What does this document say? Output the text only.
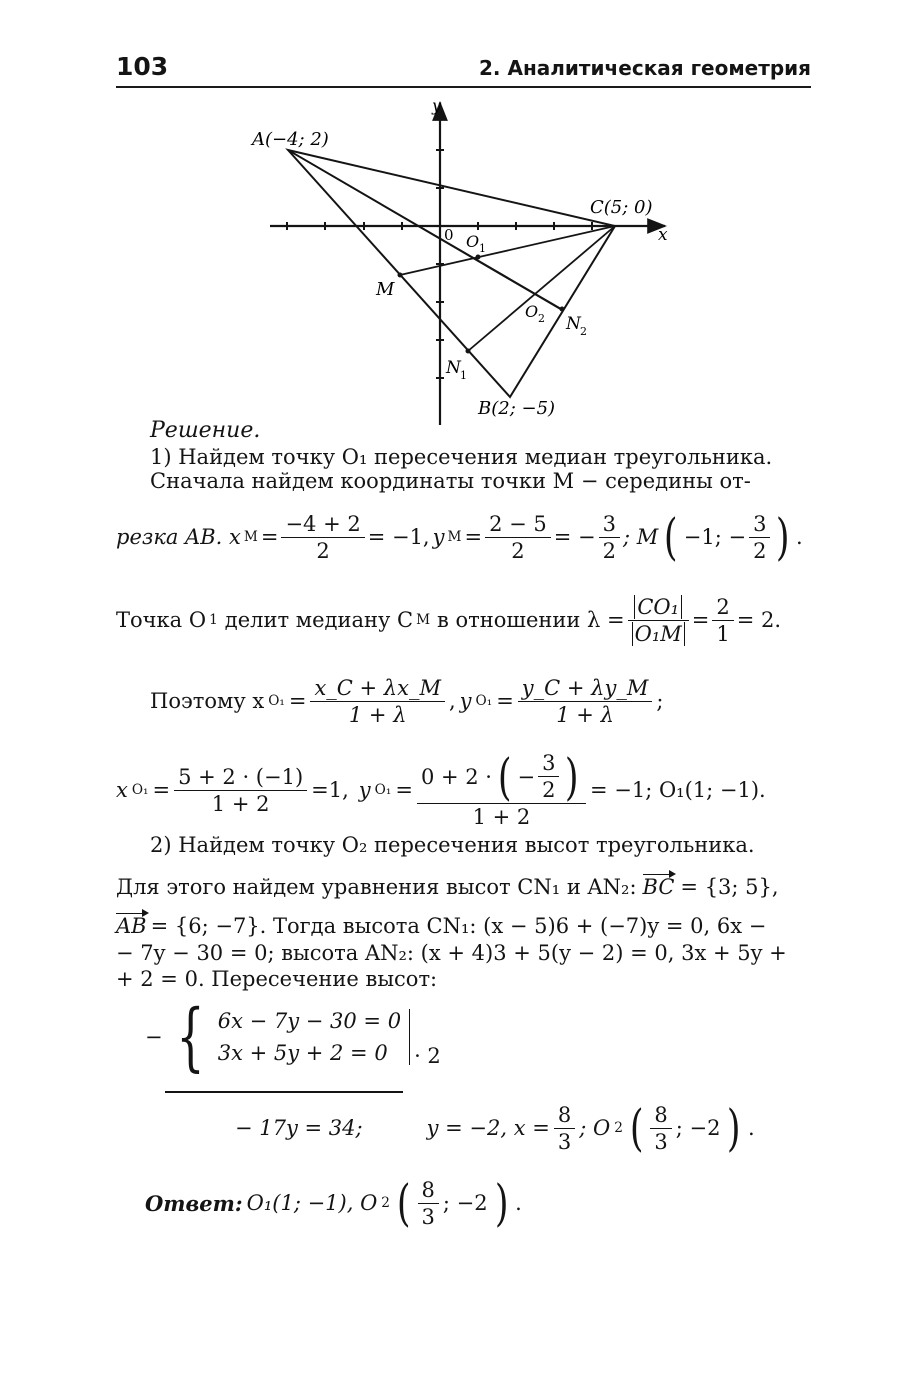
103	2. Аналитическая геометрия
y
x
0
A(−4; 2)
C(5; 0)
B(2; −5)
M
O 1
O 2 N 2
N 1
Решение.
1) Найдем точку O₁ пересечения медиан треугольника.
Сначала найдем координаты точки M − середины от-
резка AB. x $M = \frac{-4 + 2}{2} = -1$, y $M = \frac{2 - 5}{2}$ = − $\frac{3}{2}$ ; M ( −1; − $\frac{3}{2}$ ) .
Точка O 1 делит медиану C M в отношении $\lambda = \frac{\text{CO₁}}{\text{O₁M}} = \frac{2}{1} = 2$.
Поэтому x $O_1 = \frac{x\_C + \lambda x\_M}{1 + \lambda}$ , y $O_1 = \frac{y\_C + \lambda y\_M}{1 + \lambda}$ ;
x $O_1 = \frac{5 + 2 \cdot (-1)}{1 + 2} =1$, y $O_1 = \frac{0 + 2 \cdot ( - \frac{3}{2} )}{1 + 2} = -1$; O₁(1; −1).
2) Найдем точку O₂ пересечения высот треугольника.
Для этого найдем уравнения высот CN₁ и AN₂: BC = {3; 5},
AB = {6; −7}. Тогда высота CN₁: (x − 5)6 + (−7)y = 0, 6x −
− 7y − 30 = 0; высота AN₂: (x + 4)3 + 5(y − 2) = 0, 3x + 5y +
+ 2 = 0. Пересечение высот:
− { 6x − 7y − 30 = 0
3x + 5y + 2 = 0	· 2
− 17y = 34;	y = −2, $x = \frac{8}{3}$ ; O 2 ( $\frac{8}{3}$ ; −2 ) .
Ответ: O₁(1; −1), O 2 ( $\frac{8}{3}$ ; −2 ) .
